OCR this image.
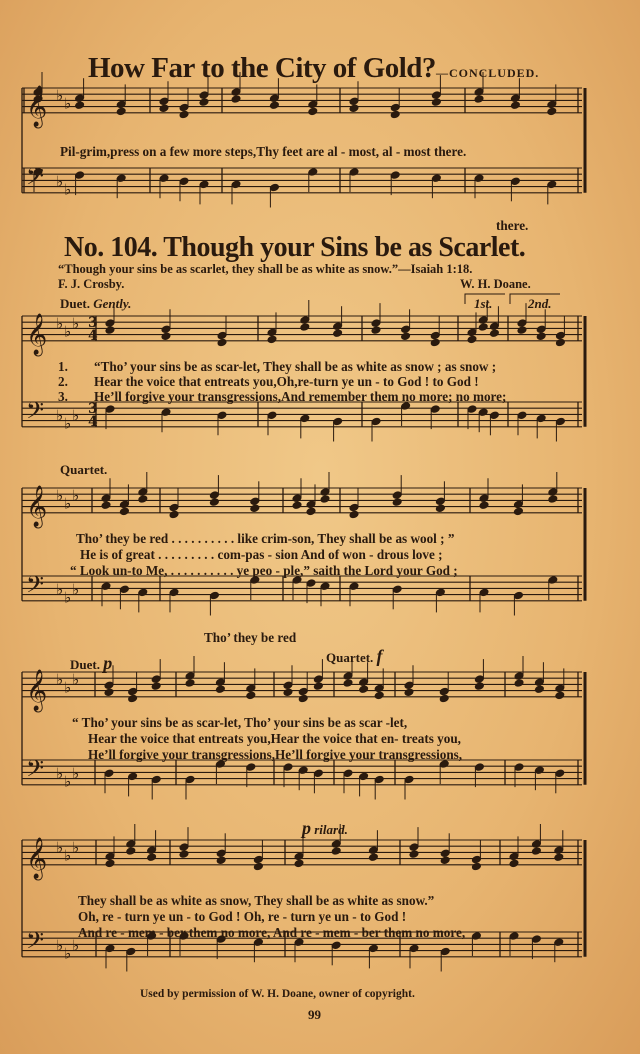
How Far to the City of Gold?—CONCLUDED.
𝄞
𝄢
♭
♭
♭
♭
𝄞
𝄢
♭
♭
♭
♭
♭
♭
𝄞
𝄢
♭
♭
♭
♭
♭
♭
𝄞
𝄢
♭
♭
♭
♭
♭
♭
𝄞
𝄢
♭
♭
♭
♭
♭
♭
3
4
3
4
Pil-grim,press on a few more steps,Thy feet are al - most, al - most there.
there.
No. 104. Though your Sins be as Scarlet.
“Though your sins be as scarlet, they shall be as white as snow.”—Isaiah 1:18.
F. J. Crosby.	W. H. Doane.
Duet. Gently.	1st.	2nd.
1. “Tho’ your sins be as scar-let, They shall be as white as snow ; as snow ;
2. Hear the voice that entreats you,Oh,re-turn ye un - to God ! to God !
3. He’ll forgive your transgressions,And remember them no more; no more;
Quartet.
Tho’ they be red . . . . . . . . . . like crim-son, They shall be as wool ; ”
He is of great . . . . . . . . . com-pas - sion And of won - drous love ;
“ Look un-to Me, . . . . . . . . . . ye peo - ple,” saith the Lord your God ;
Tho’ they be red
Duet. p	Quartet. f
“ Tho’ your sins be as scar-let, Tho’ your sins be as scar -let,
Hear the voice that entreats you,Hear the voice that en- treats you,
He’ll forgive your transgressions,He’ll forgive your transgressions,
p rilard.
They shall be as white as snow, They shall be as white as snow.”
Oh, re - turn ye un - to God ! Oh, re - turn ye un - to God !
And re - mem - ber them no more, And re - mem - ber them no more,
Used by permission of W. H. Doane, owner of copyright.
99
